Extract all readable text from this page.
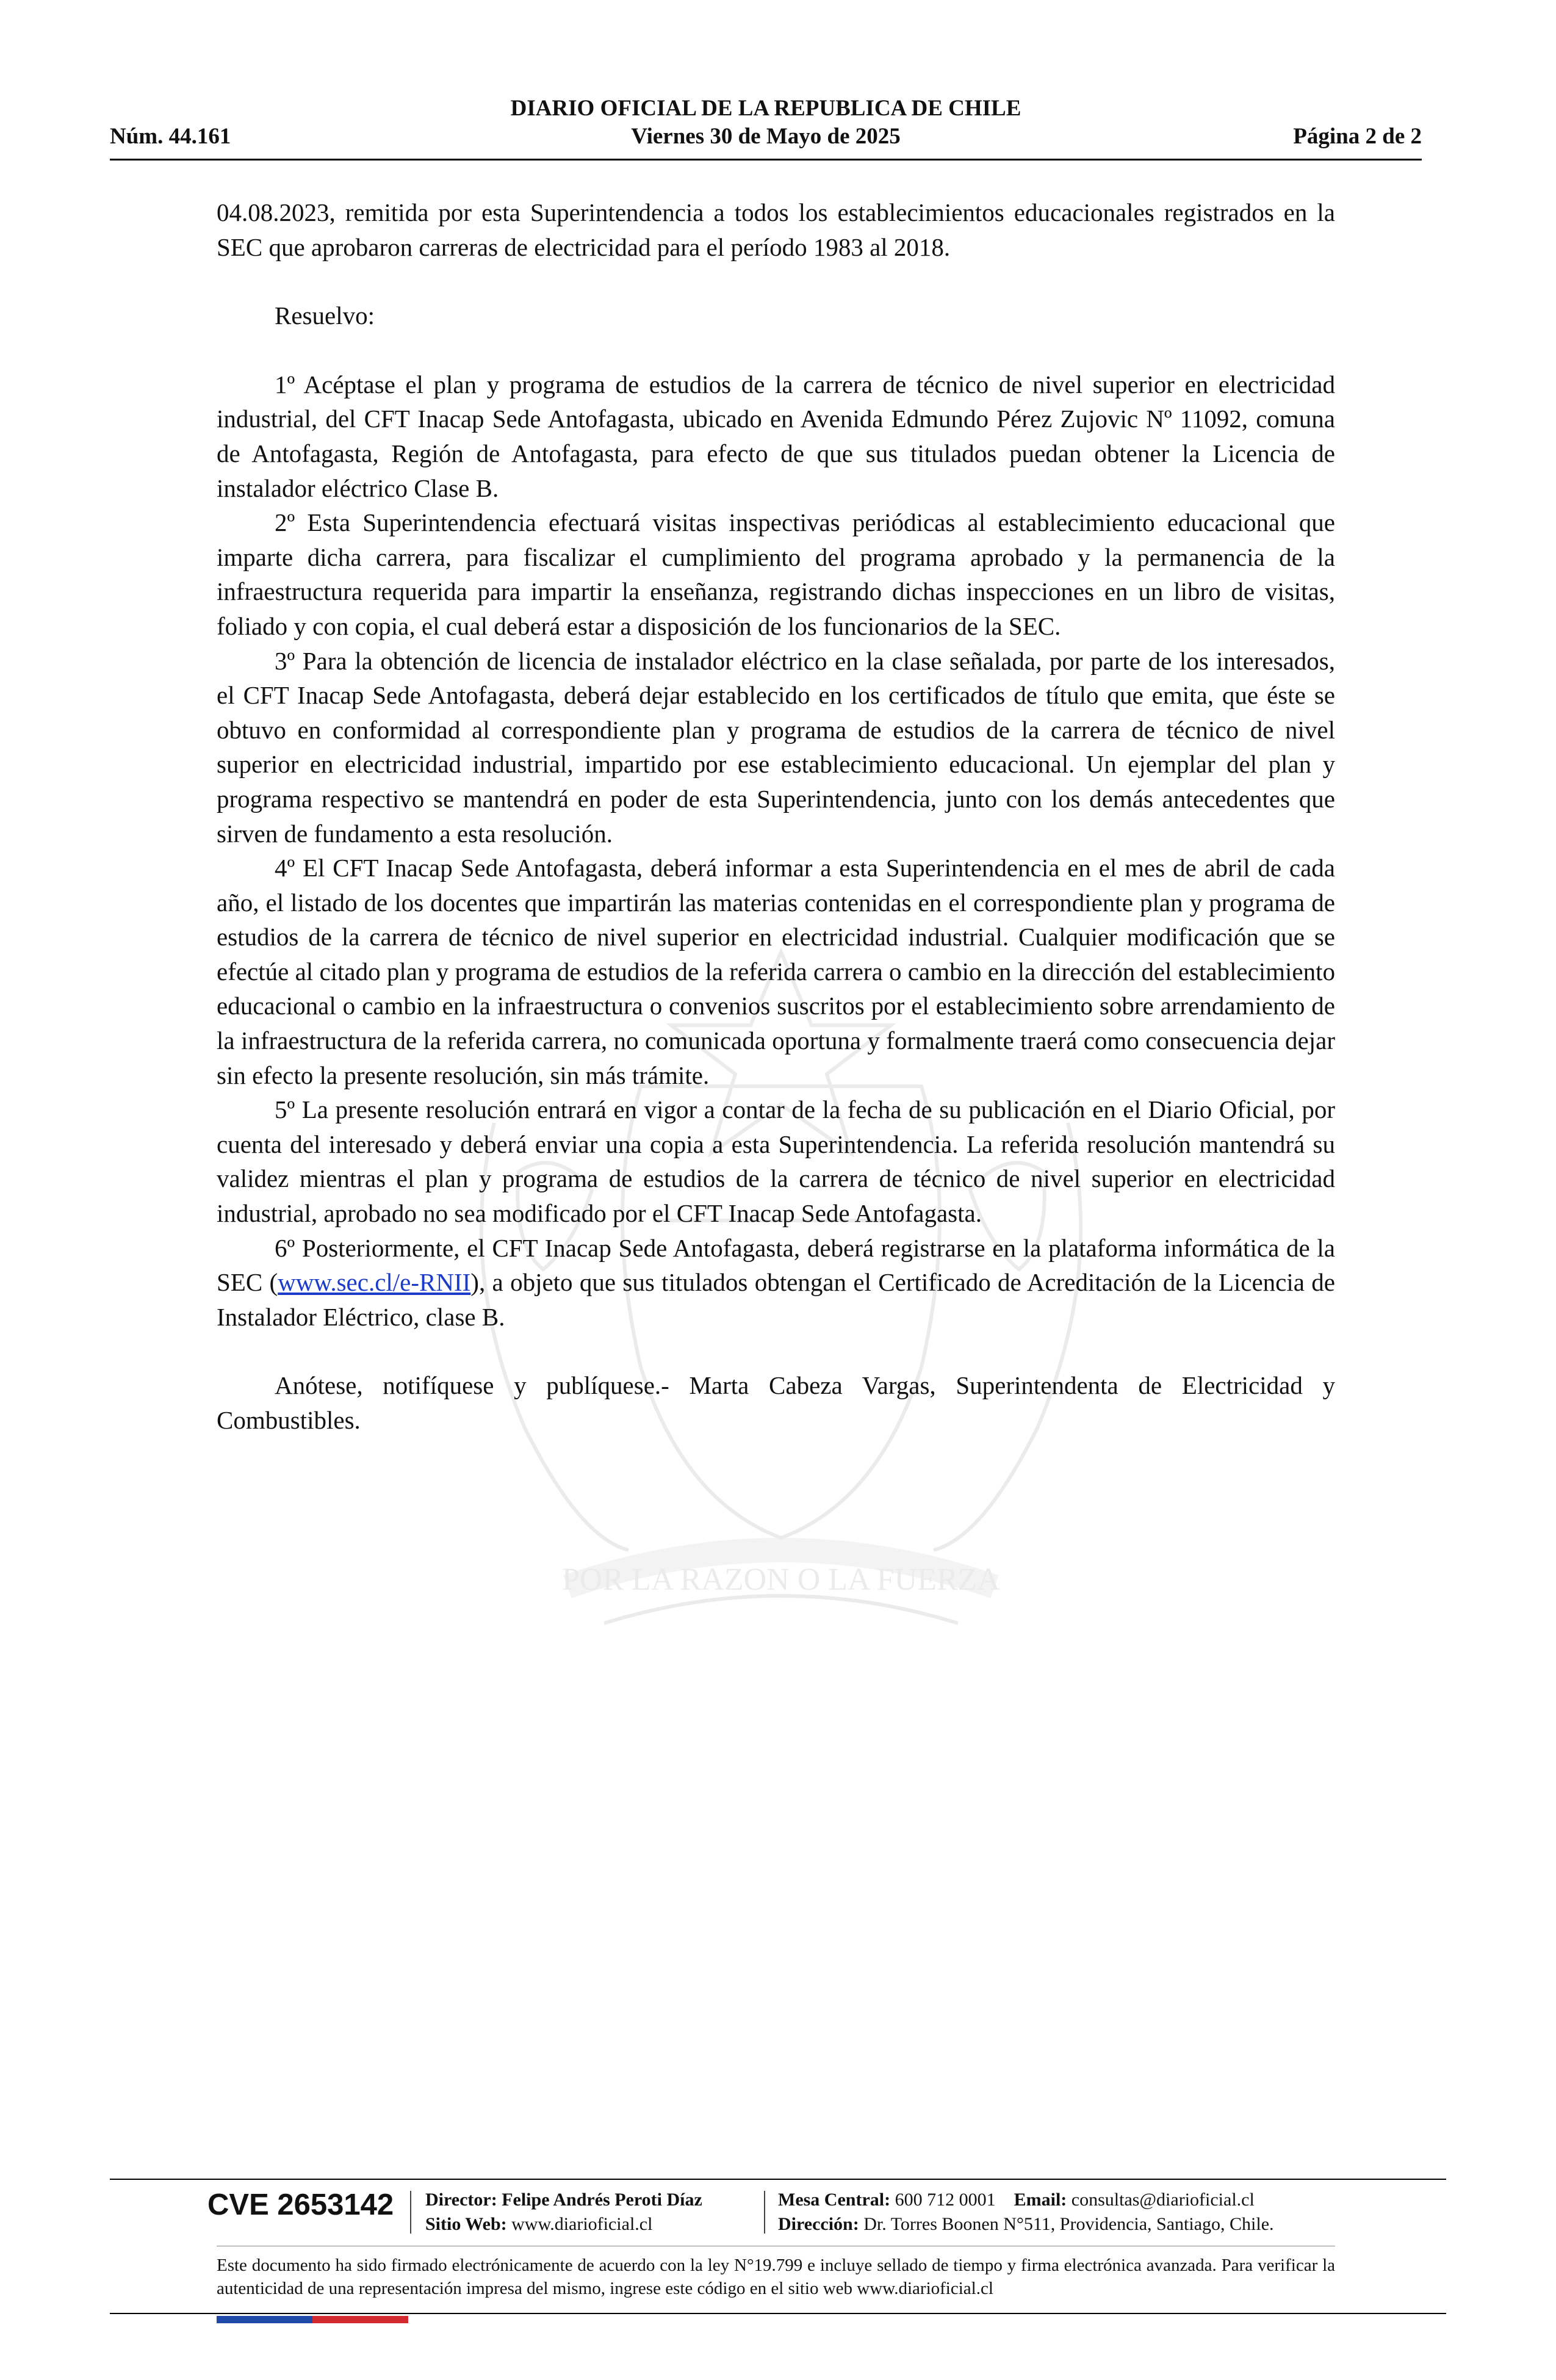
POR LA RAZON O LA FUERZA
DIARIO OFICIAL DE LA REPUBLICA DE CHILE
Núm. 44.161	Viernes 30 de Mayo de 2025	Página 2 de 2

04.08.2023, remitida por esta Superintendencia a todos los establecimientos educacionales registrados en la SEC que aprobaron carreras de electricidad para el período 1983 al 2018.

Resuelvo:

1º Acéptase el plan y programa de estudios de la carrera de técnico de nivel superior en electricidad industrial, del CFT Inacap Sede Antofagasta, ubicado en Avenida Edmundo Pérez Zujovic Nº 11092, comuna de Antofagasta, Región de Antofagasta, para efecto de que sus titulados puedan obtener la Licencia de instalador eléctrico Clase B.

2º Esta Superintendencia efectuará visitas inspectivas periódicas al establecimiento educacional que imparte dicha carrera, para fiscalizar el cumplimiento del programa aprobado y la permanencia de la infraestructura requerida para impartir la enseñanza, registrando dichas inspecciones en un libro de visitas, foliado y con copia, el cual deberá estar a disposición de los funcionarios de la SEC.

3º Para la obtención de licencia de instalador eléctrico en la clase señalada, por parte de los interesados, el CFT Inacap Sede Antofagasta, deberá dejar establecido en los certificados de título que emita, que éste se obtuvo en conformidad al correspondiente plan y programa de estudios de la carrera de técnico de nivel superior en electricidad industrial, impartido por ese establecimiento educacional. Un ejemplar del plan y programa respectivo se mantendrá en poder de esta Superintendencia, junto con los demás antecedentes que sirven de fundamento a esta resolución.

4º El CFT Inacap Sede Antofagasta, deberá informar a esta Superintendencia en el mes de abril de cada año, el listado de los docentes que impartirán las materias contenidas en el correspondiente plan y programa de estudios de la carrera de técnico de nivel superior en electricidad industrial. Cualquier modificación que se efectúe al citado plan y programa de estudios de la referida carrera o cambio en la dirección del establecimiento educacional o cambio en la infraestructura o convenios suscritos por el establecimiento sobre arrendamiento de la infraestructura de la referida carrera, no comunicada oportuna y formalmente traerá como consecuencia dejar sin efecto la presente resolución, sin más trámite.

5º La presente resolución entrará en vigor a contar de la fecha de su publicación en el Diario Oficial, por cuenta del interesado y deberá enviar una copia a esta Superintendencia. La referida resolución mantendrá su validez mientras el plan y programa de estudios de la carrera de técnico de nivel superior en electricidad industrial, aprobado no sea modificado por el CFT Inacap Sede Antofagasta.

6º Posteriormente, el CFT Inacap Sede Antofagasta, deberá registrarse en la plataforma informática de la SEC (www.sec.cl/e-RNII), a objeto que sus titulados obtengan el Certificado de Acreditación de la Licencia de Instalador Eléctrico, clase B.

Anótese, notifíquese y publíquese.- Marta Cabeza Vargas, Superintendenta de Electricidad y Combustibles.

CVE 2653142 Director: Felipe Andrés Peroti Díaz
Sitio Web: www.diarioficial.cl
Mesa Central: 600 712 0001 Email: consultas@diarioficial.cl
Dirección: Dr. Torres Boonen N°511, Providencia, Santiago, Chile.
Este documento ha sido firmado electrónicamente de acuerdo con la ley N°19.799 e incluye sellado de tiempo y firma electrónica avanzada. Para verificar la autenticidad de una representación impresa del mismo, ingrese este código en el sitio web www.diarioficial.cl
